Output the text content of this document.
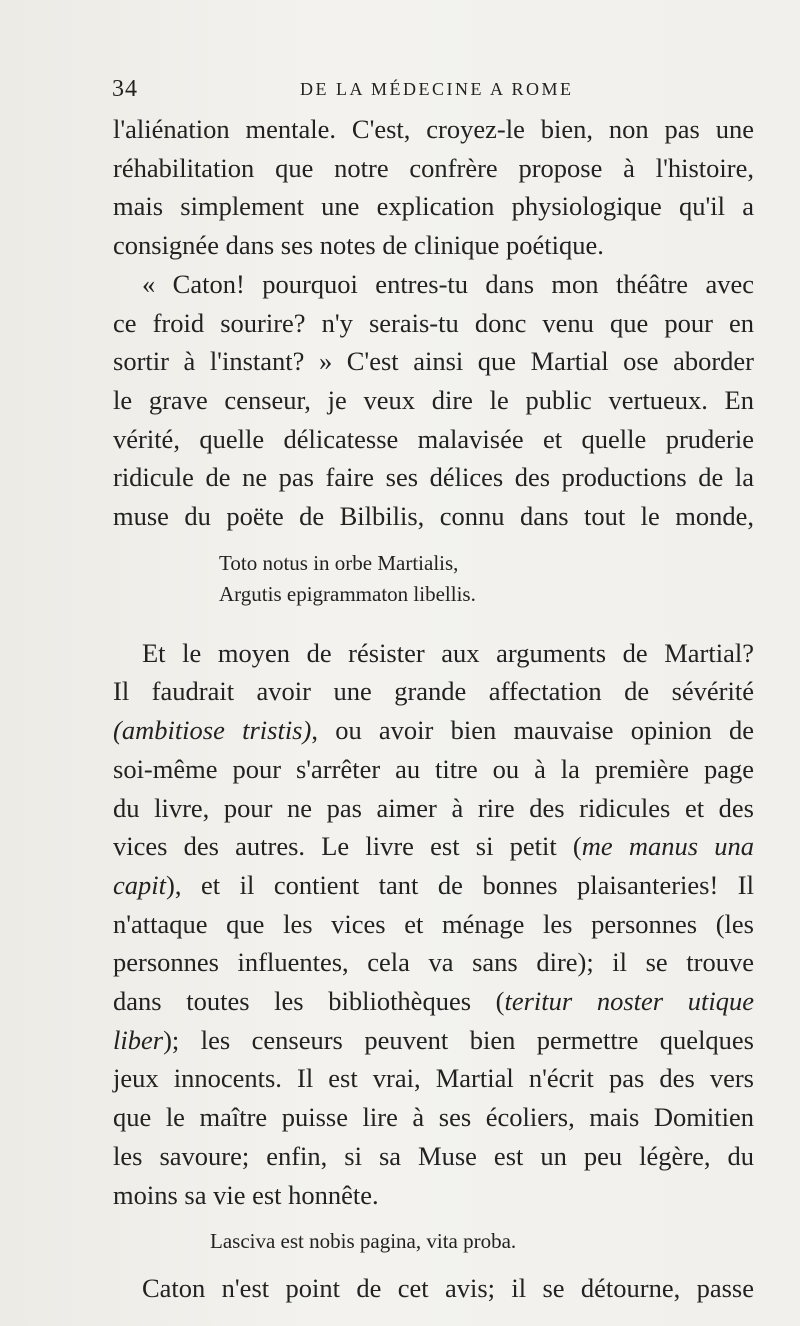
34	DE LA MÉDECINE A ROME

l'aliénation mentale. C'est, croyez-le bien, non pas une
réhabilitation que notre confrère propose à l'histoire,
mais simplement une explication physiologique qu'il a
consignée dans ses notes de clinique poétique.

« Caton! pourquoi entres-tu dans mon théâtre avec
ce froid sourire? n'y serais-tu donc venu que pour en
sortir à l'instant? » C'est ainsi que Martial ose aborder
le grave censeur, je veux dire le public vertueux. En
vérité, quelle délicatesse malavisée et quelle pruderie
ridicule de ne pas faire ses délices des productions de la
muse du poëte de Bilbilis, connu dans tout le monde,

Toto notus in orbe Martialis,
Argutis epigrammaton libellis.

Et le moyen de résister aux arguments de Martial?
Il faudrait avoir une grande affectation de sévérité
(ambitiose tristis), ou avoir bien mauvaise opinion de
soi-même pour s'arrêter au titre ou à la première page
du livre, pour ne pas aimer à rire des ridicules et des
vices des autres. Le livre est si petit (me manus una
capit), et il contient tant de bonnes plaisanteries! Il
n'attaque que les vices et ménage les personnes (les
personnes influentes, cela va sans dire); il se trouve
dans toutes les bibliothèques (teritur noster utique
liber); les censeurs peuvent bien permettre quelques
jeux innocents. Il est vrai, Martial n'écrit pas des vers
que le maître puisse lire à ses écoliers, mais Domitien
les savoure; enfin, si sa Muse est un peu légère, du
moins sa vie est honnête.

Lasciva est nobis pagina, vita proba.

Caton n'est point de cet avis; il se détourne, passe
